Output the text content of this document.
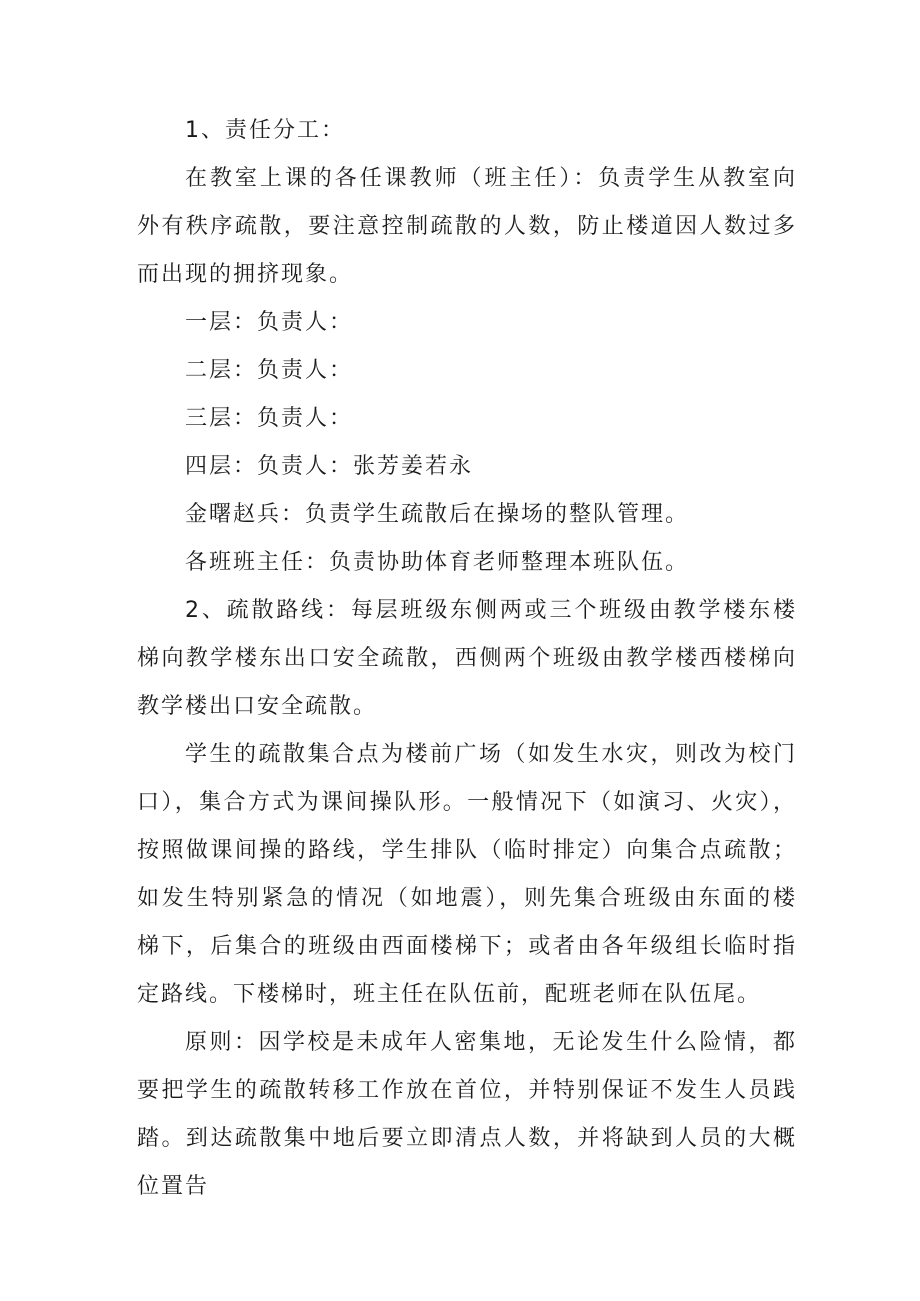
1、责任分工：

在教室上课的各任课教师（班主任）：负责学生从教室向外有秩序疏散，要注意控制疏散的人数，防止楼道因人数过多而出现的拥挤现象。

一层：负责人：

二层：负责人：

三层：负责人：

四层：负责人：张芳姜若永

金曙赵兵：负责学生疏散后在操场的整队管理。

各班班主任：负责协助体育老师整理本班队伍。

2、疏散路线：每层班级东侧两或三个班级由教学楼东楼梯向教学楼东出口安全疏散，西侧两个班级由教学楼西楼梯向教学楼出口安全疏散。

学生的疏散集合点为楼前广场（如发生水灾，则改为校门口），集合方式为课间操队形。一般情况下（如演习、火灾），按照做课间操的路线，学生排队（临时排定）向集合点疏散；如发生特别紧急的情况（如地震），则先集合班级由东面的楼梯下，后集合的班级由西面楼梯下；或者由各年级组长临时指定路线。下楼梯时，班主任在队伍前，配班老师在队伍尾。

原则：因学校是未成年人密集地，无论发生什么险情，都要把学生的疏散转移工作放在首位，并特别保证不发生人员践踏。到达疏散集中地后要立即清点人数，并将缺到人员的大概位置告
